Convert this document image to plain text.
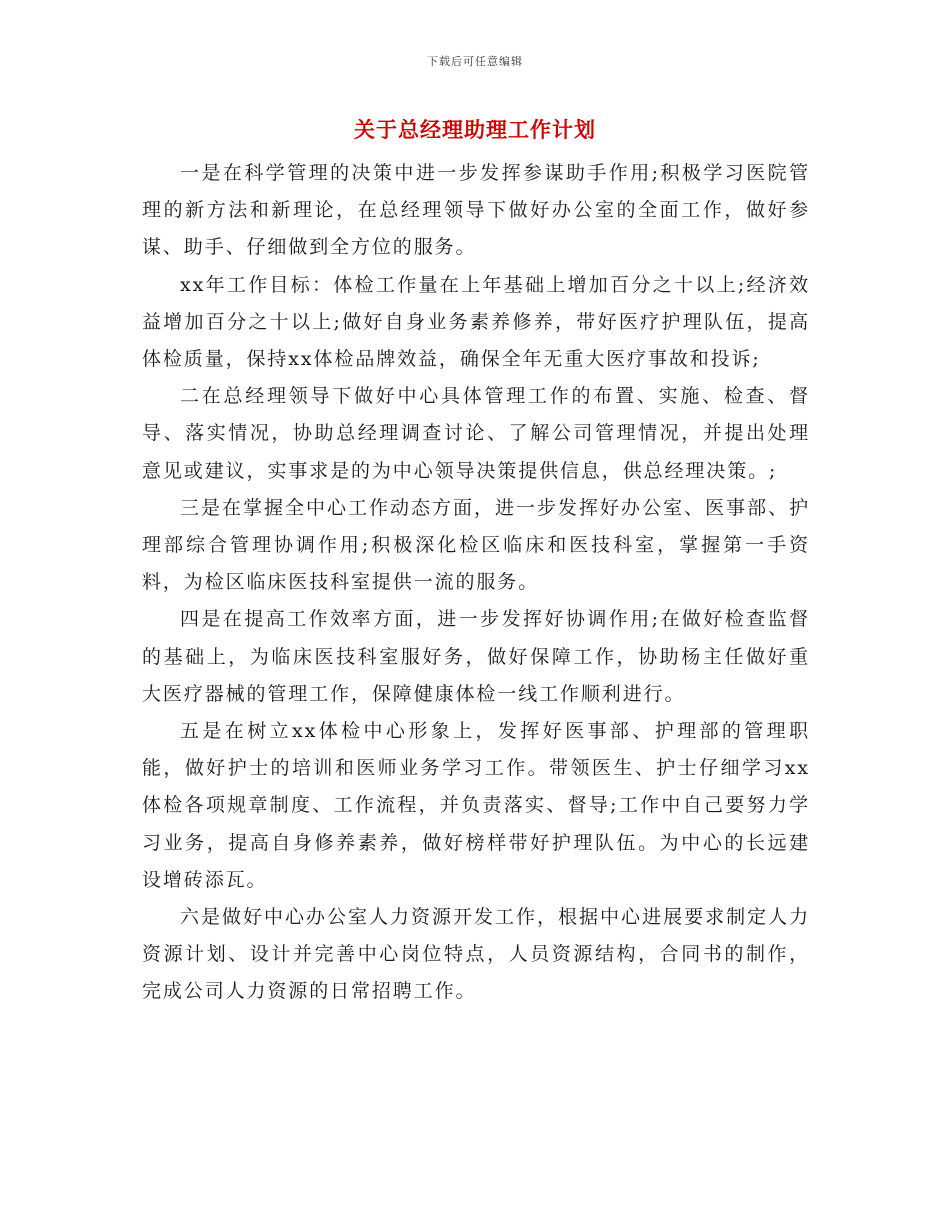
下载后可任意编辑
关于总经理助理工作计划

一是在科学管理的决策中进一步发挥参谋助手作用;积极学习医院管理的新方法和新理论，在总经理领导下做好办公室的全面工作，做好参谋、助手、仔细做到全方位的服务。

xx年工作目标：体检工作量在上年基础上增加百分之十以上;经济效益增加百分之十以上;做好自身业务素养修养，带好医疗护理队伍，提高体检质量，保持xx体检品牌效益，确保全年无重大医疗事故和投诉;

二在总经理领导下做好中心具体管理工作的布置、实施、检查、督导、落实情况，协助总经理调查讨论、了解公司管理情况，并提出处理意见或建议，实事求是的为中心领导决策提供信息，供总经理决策。;

三是在掌握全中心工作动态方面，进一步发挥好办公室、医事部、护理部综合管理协调作用;积极深化检区临床和医技科室，掌握第一手资料，为检区临床医技科室提供一流的服务。

四是在提高工作效率方面，进一步发挥好协调作用;在做好检查监督的基础上，为临床医技科室服好务，做好保障工作，协助杨主任做好重大医疗器械的管理工作，保障健康体检一线工作顺利进行。

五是在树立xx体检中心形象上，发挥好医事部、护理部的管理职能，做好护士的培训和医师业务学习工作。带领医生、护士仔细学习xx体检各项规章制度、工作流程，并负责落实、督导;工作中自己要努力学习业务，提高自身修养素养，做好榜样带好护理队伍。为中心的长远建设增砖添瓦。

六是做好中心办公室人力资源开发工作，根据中心进展要求制定人力资源计划、设计并完善中心岗位特点，人员资源结构，合同书的制作，完成公司人力资源的日常招聘工作。
